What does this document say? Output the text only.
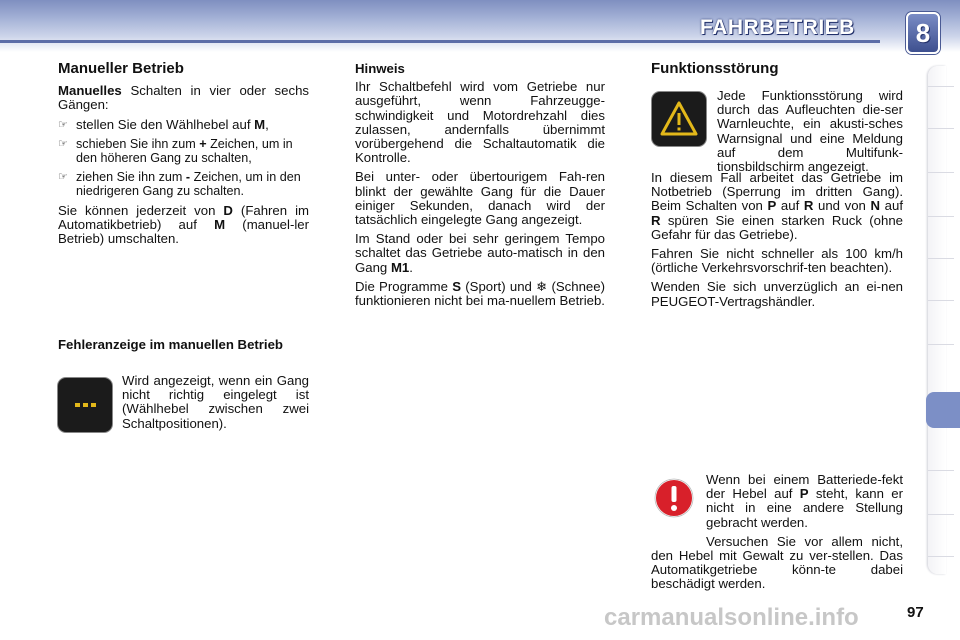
FAHRBETRIEB	8

Manueller Betrieb

Manuelles Schalten in vier oder sechs Gängen:

☞ stellen Sie den Wählhebel auf M,
☞ schieben Sie ihn zum + Zeichen, um in den höheren Gang zu schalten,
☞ ziehen Sie ihn zum - Zeichen, um in den niedrigeren Gang zu schalten.

Sie können jederzeit von D (Fahren im Automatikbetrieb) auf M (manuel-ler Betrieb) umschalten.

Fehleranzeige im manuellen Betrieb
Wird angezeigt, wenn ein Gang nicht richtig eingelegt ist (Wählhebel zwischen zwei Schaltpositionen).

Hinweis

Ihr Schaltbefehl wird vom Getriebe nur ausgeführt, wenn Fahrzeugge-schwindigkeit und Motordrehzahl dies zulassen, andernfalls übernimmt vorübergehend die Schaltautomatik die Kontrolle.

Bei unter- oder übertourigem Fah-ren blinkt der gewählte Gang für die Dauer einiger Sekunden, danach wird der tatsächlich eingelegte Gang angezeigt.

Im Stand oder bei sehr geringem Tempo schaltet das Getriebe auto-matisch in den Gang M1.

Die Programme S (Sport) und ❄ (Schnee) funktionieren nicht bei ma-nuellem Betrieb.

Funktionsstörung
Jede Funktionsstörung wird durch das Aufleuchten die-ser Warnleuchte, ein akusti-sches Warnsignal und eine Meldung auf dem Multifunk-tionsbildschirm angezeigt.

In diesem Fall arbeitet das Getriebe im Notbetrieb (Sperrung im dritten Gang). Beim Schalten von P auf R und von N auf R spüren Sie einen starken Ruck (ohne Gefahr für das Getriebe).

Fahren Sie nicht schneller als 100 km/h (örtliche Verkehrsvorschrif-ten beachten).

Wenden Sie sich unverzüglich an ei-nen PEUGEOT-Vertragshändler.

Wenn bei einem Batteriede-fekt der Hebel auf P steht, kann er nicht in eine andere Stellung gebracht werden.

Versuchen Sie vor allem nicht, den Hebel mit Gewalt zu ver-stellen. Das Automatikgetriebe könn-te dabei beschädigt werden.

carmanualsonline.info	97
